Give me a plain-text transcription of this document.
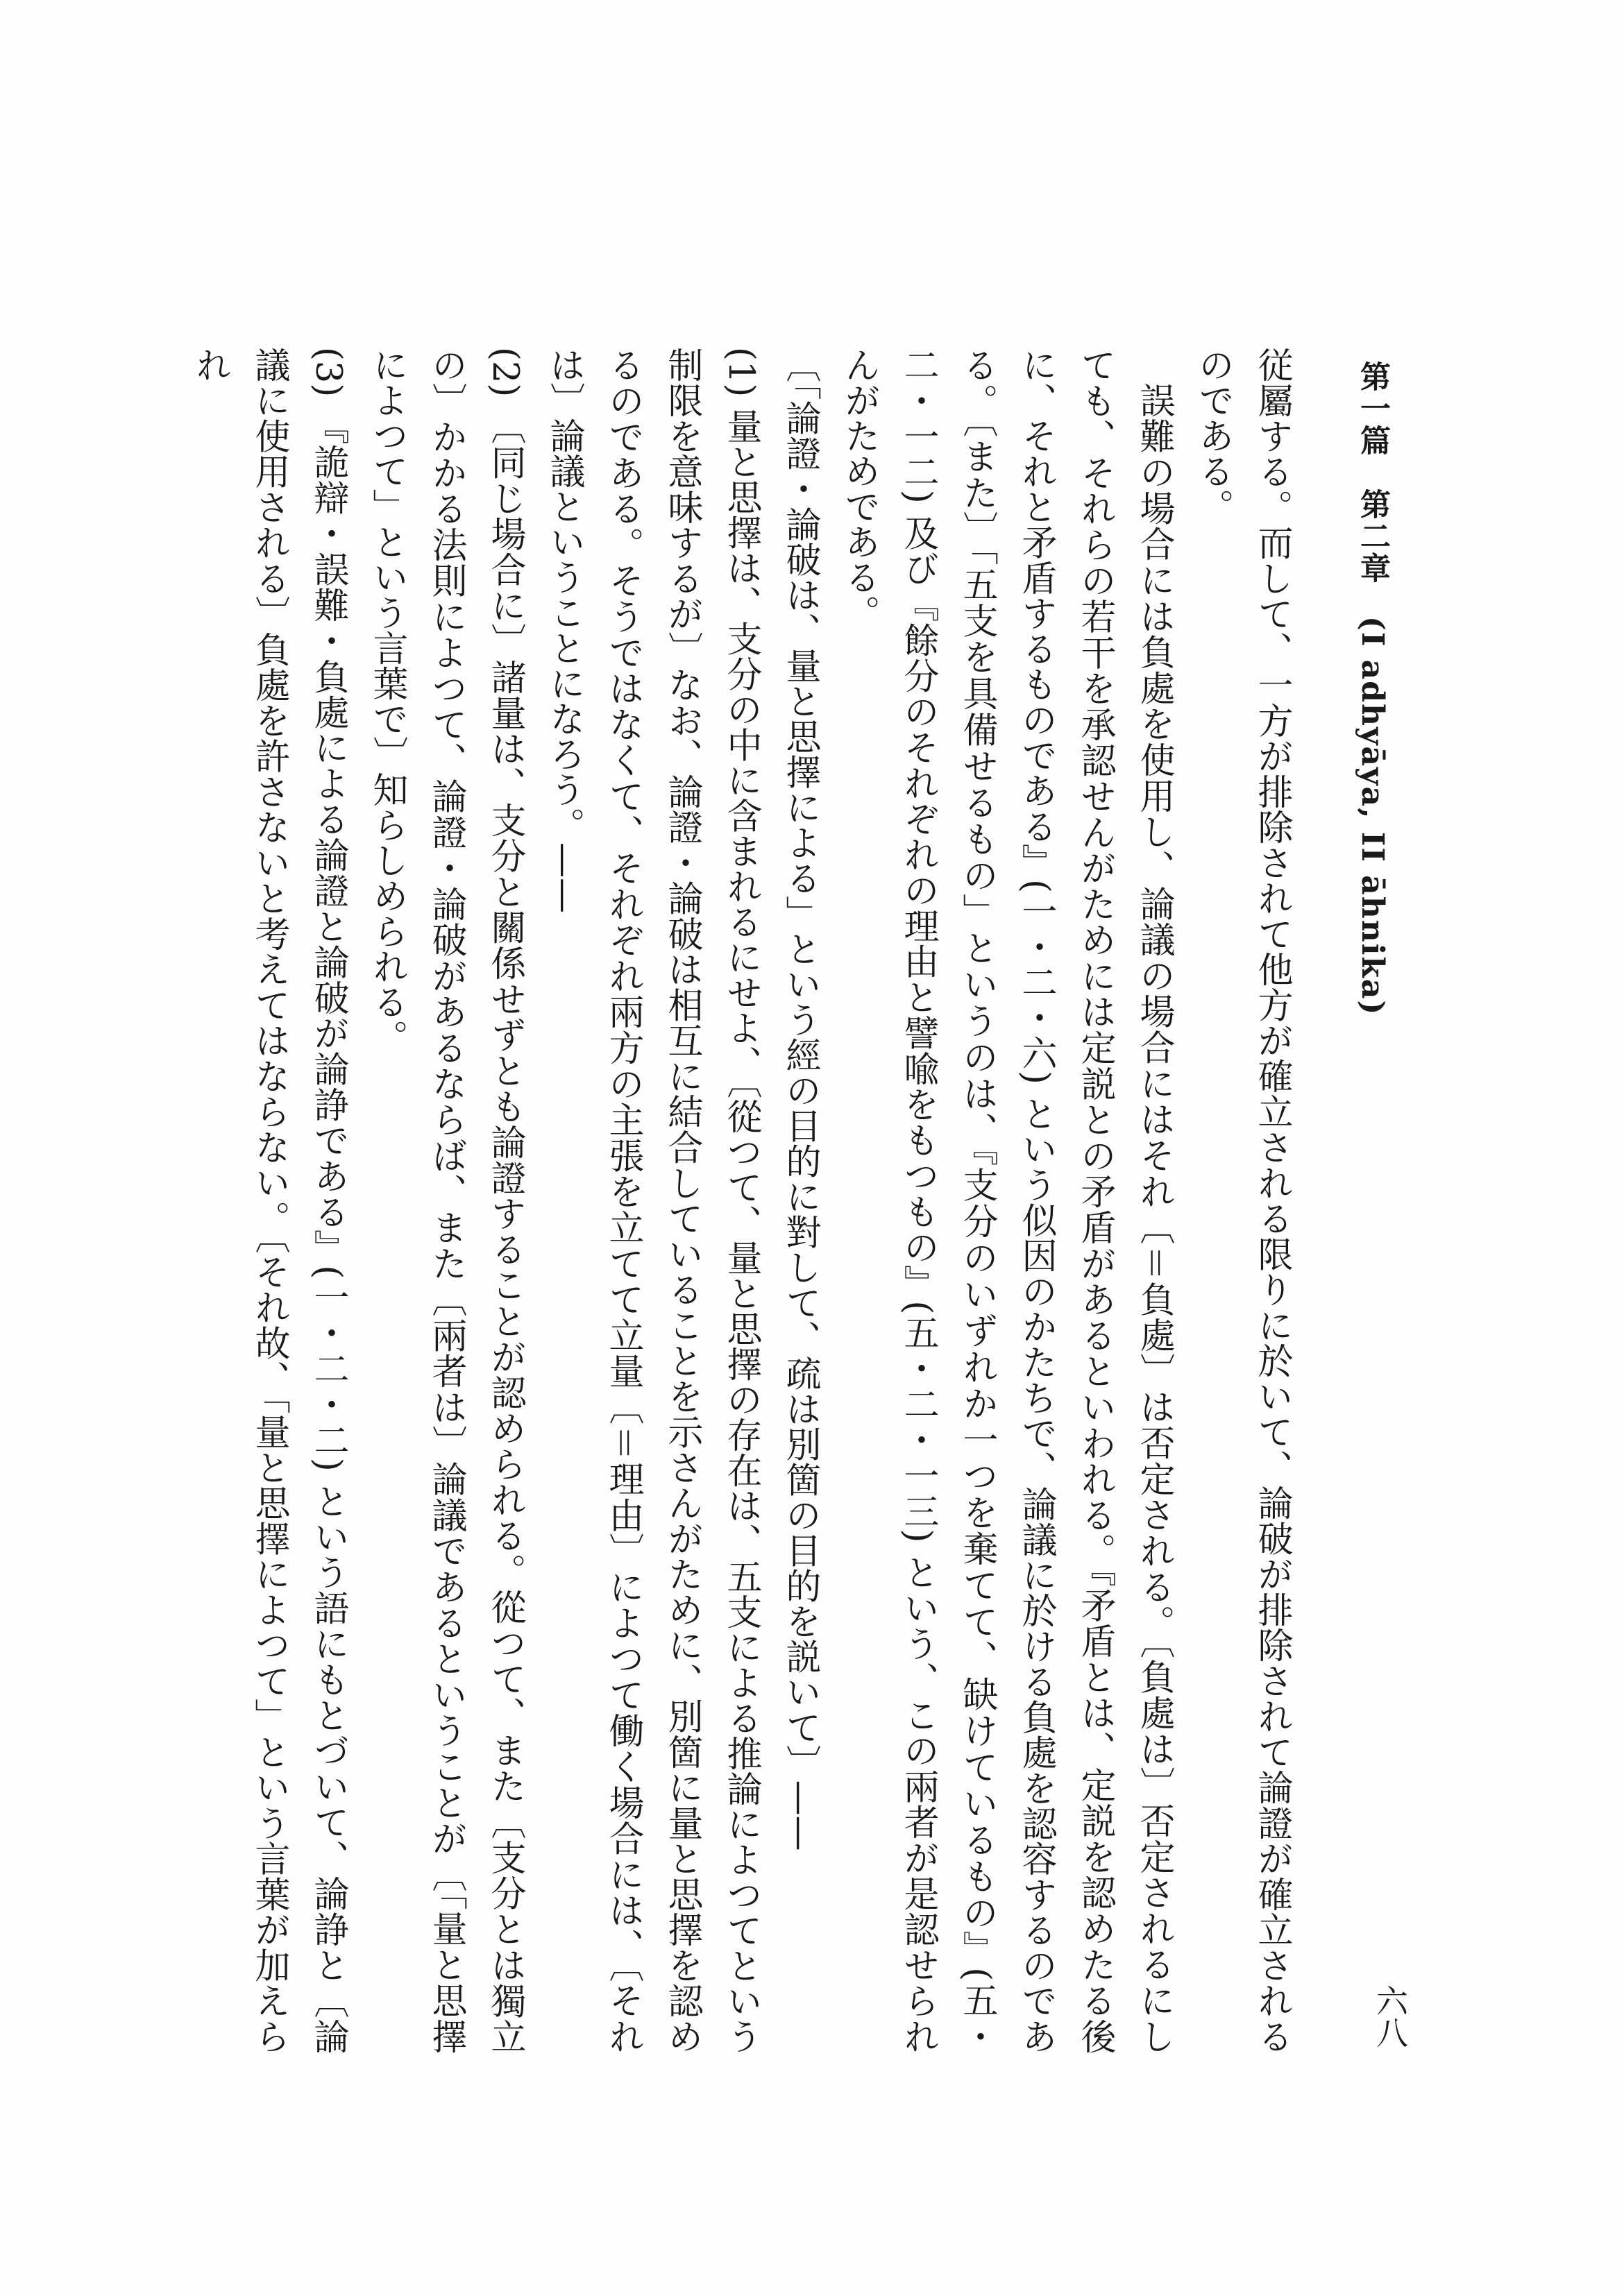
第一篇　第二章　(I adhyāya, II āhnika)
六八

従屬する。而して、一方が排除されて他方が確立される限りに於いて、論破が排除されて論證が確立されるのである。

誤難の場合には負處を使用し、論議の場合にはそれ〔＝負處〕は否定される。〔負處は〕否定されるにしても、それらの若干を承認せんがためには定説との矛盾があるといわれる。『矛盾とは、定説を認めたる後に、それと矛盾するものである』(一・二・六) という似因のかたちで、論議に於ける負處を認容するのである。〔また〕「五支を具備せるもの」というのは、『支分のいずれか一つを棄てて、缺けているもの』(五・二・一二) 及び『餘分のそれぞれの理由と譬喩をもつもの』(五・二・一三) という、この兩者が是認せられんがためである。

〔「論證・論破は、量と思擇による」という經の目的に對して、疏は別箇の目的を説いて〕——

(1) 量と思擇は、支分の中に含まれるにせよ、〔從つて、量と思擇の存在は、五支による推論によつてという制限を意味するが〕なお、論證・論破は相互に結合していることを示さんがために、別箇に量と思擇を認めるのである。そうではなくて、それぞれ兩方の主張を立てて立量〔＝理由〕によつて働く場合には、〔それは〕論議ということになろう。——

(2) 〔同じ場合に〕諸量は、支分と關係せずとも論證することが認められる。從つて、また〔支分とは獨立の〕かかる法則によつて、論證・論破があるならば、また〔兩者は〕論議であるということが〔「量と思擇によつて」という言葉で〕知らしめられる。

(3) 『詭辯・誤難・負處による論證と論破が論諍である』(一・二・二) という語にもとづいて、論諍と〔論議に使用される〕負處を許さないと考えてはならない。〔それ故、「量と思擇によつて」という言葉が加えられ
